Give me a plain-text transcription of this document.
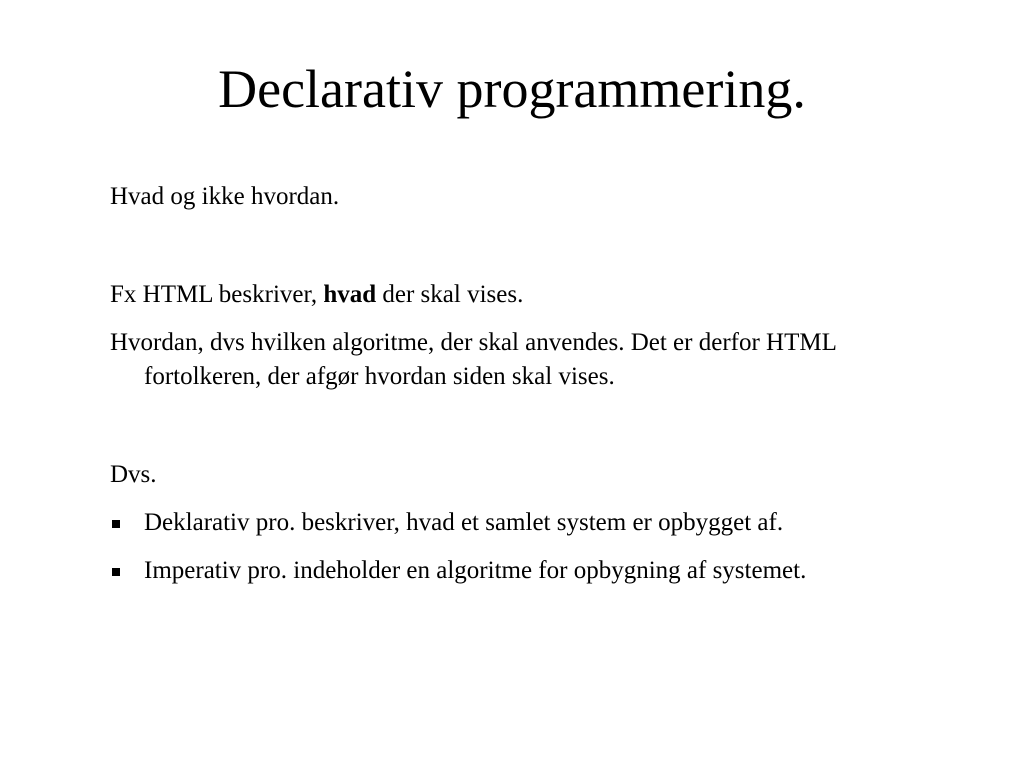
Declarativ programmering.

Hvad og ikke hvordan.

Fx HTML beskriver, hvad der skal vises.

Hvordan, dvs hvilken algoritme, der skal anvendes. Det er derfor HTML fortolkeren, der afgør hvordan siden skal vises.

Dvs.

Deklarativ pro. beskriver, hvad et samlet system er opbygget af.

Imperativ pro. indeholder en algoritme for opbygning af systemet.
